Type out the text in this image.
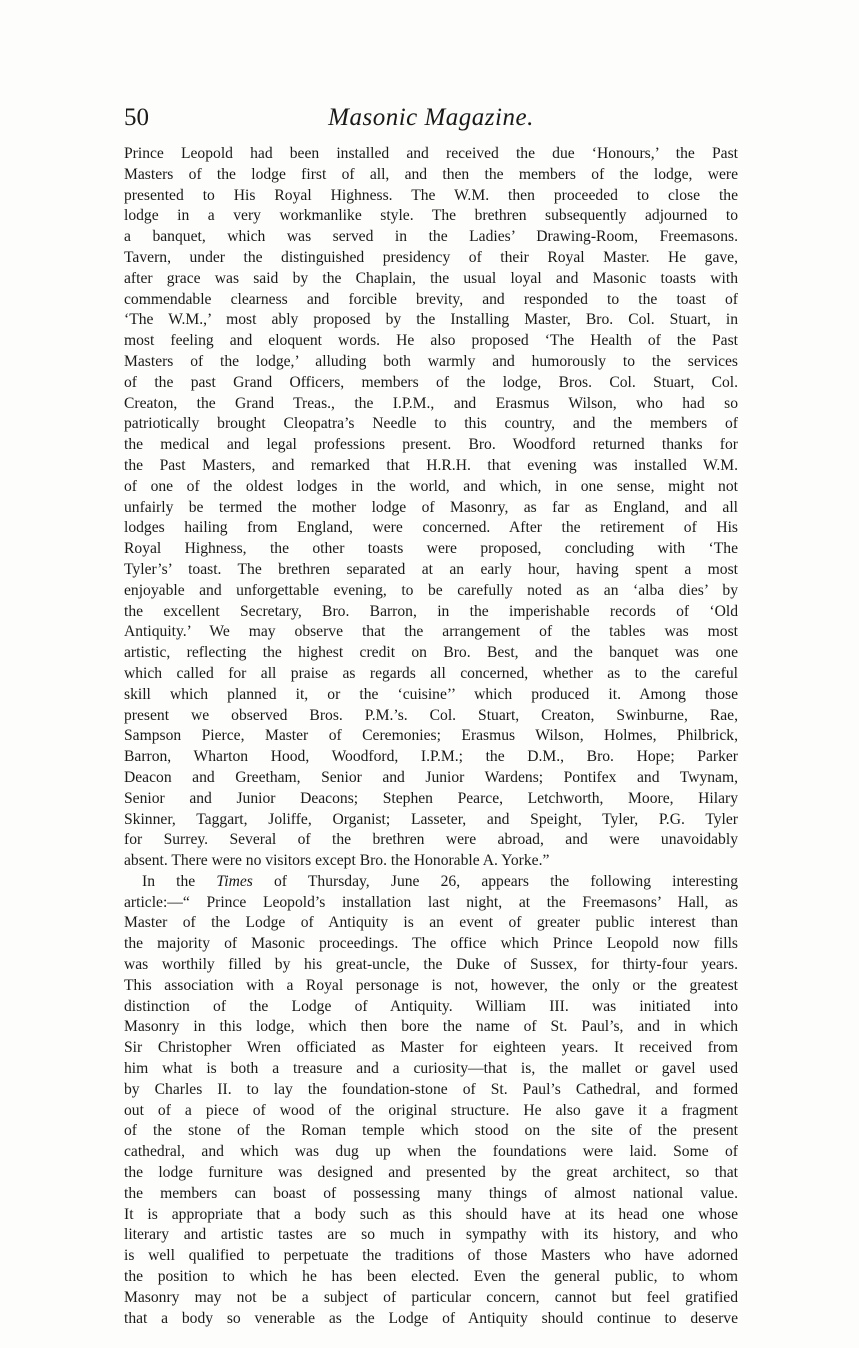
50	Masonic Magazine.
Prince Leopold had been installed and received the due ‘Honours,’ the Past
Masters of the lodge first of all, and then the members of the lodge, were
presented to His Royal Highness. The W.M. then proceeded to close the
lodge in a very workmanlike style. The brethren subsequently adjourned to
a banquet, which was served in the Ladies’ Drawing-Room, Freemasons.
Tavern, under the distinguished presidency of their Royal Master. He gave,
after grace was said by the Chaplain, the usual loyal and Masonic toasts with
commendable clearness and forcible brevity, and responded to the toast of
‘The W.M.,’ most ably proposed by the Installing Master, Bro. Col. Stuart, in
most feeling and eloquent words. He also proposed ‘The Health of the Past
Masters of the lodge,’ alluding both warmly and humorously to the services
of the past Grand Officers, members of the lodge, Bros. Col. Stuart, Col.
Creaton, the Grand Treas., the I.P.M., and Erasmus Wilson, who had so
patriotically brought Cleopatra’s Needle to this country, and the members of
the medical and legal professions present. Bro. Woodford returned thanks for
the Past Masters, and remarked that H.R.H. that evening was installed W.M.
of one of the oldest lodges in the world, and which, in one sense, might not
unfairly be termed the mother lodge of Masonry, as far as England, and all
lodges hailing from England, were concerned. After the retirement of His
Royal Highness, the other toasts were proposed, concluding with ‘The
Tyler’s’ toast. The brethren separated at an early hour, having spent a most
enjoyable and unforgettable evening, to be carefully noted as an ‘alba dies’ by
the excellent Secretary, Bro. Barron, in the imperishable records of ‘Old
Antiquity.’ We may observe that the arrangement of the tables was most
artistic, reflecting the highest credit on Bro. Best, and the banquet was one
which called for all praise as regards all concerned, whether as to the careful
skill which planned it, or the ‘cuisine’’ which produced it. Among those
present we observed Bros. P.M.’s. Col. Stuart, Creaton, Swinburne, Rae,
Sampson Pierce, Master of Ceremonies; Erasmus Wilson, Holmes, Philbrick,
Barron, Wharton Hood, Woodford, I.P.M.; the D.M., Bro. Hope; Parker
Deacon and Greetham, Senior and Junior Wardens; Pontifex and Twynam,
Senior and Junior Deacons; Stephen Pearce, Letchworth, Moore, Hilary
Skinner, Taggart, Joliffe, Organist; Lasseter, and Speight, Tyler, P.G. Tyler
for Surrey. Several of the brethren were abroad, and were unavoidably
absent. There were no visitors except Bro. the Honorable A. Yorke.”
In the Times of Thursday, June 26, appears the following interesting
article:—“ Prince Leopold’s installation last night, at the Freemasons’ Hall, as
Master of the Lodge of Antiquity is an event of greater public interest than
the majority of Masonic proceedings. The office which Prince Leopold now fills
was worthily filled by his great-uncle, the Duke of Sussex, for thirty-four years.
This association with a Royal personage is not, however, the only or the greatest
distinction of the Lodge of Antiquity. William III. was initiated into
Masonry in this lodge, which then bore the name of St. Paul’s, and in which
Sir Christopher Wren officiated as Master for eighteen years. It received from
him what is both a treasure and a curiosity—that is, the mallet or gavel used
by Charles II. to lay the foundation-stone of St. Paul’s Cathedral, and formed
out of a piece of wood of the original structure. He also gave it a fragment
of the stone of the Roman temple which stood on the site of the present
cathedral, and which was dug up when the foundations were laid. Some of
the lodge furniture was designed and presented by the great architect, so that
the members can boast of possessing many things of almost national value.
It is appropriate that a body such as this should have at its head one whose
literary and artistic tastes are so much in sympathy with its history, and who
is well qualified to perpetuate the traditions of those Masters who have adorned
the position to which he has been elected. Even the general public, to whom
Masonry may not be a subject of particular concern, cannot but feel gratified
that a body so venerable as the Lodge of Antiquity should continue to deserve
